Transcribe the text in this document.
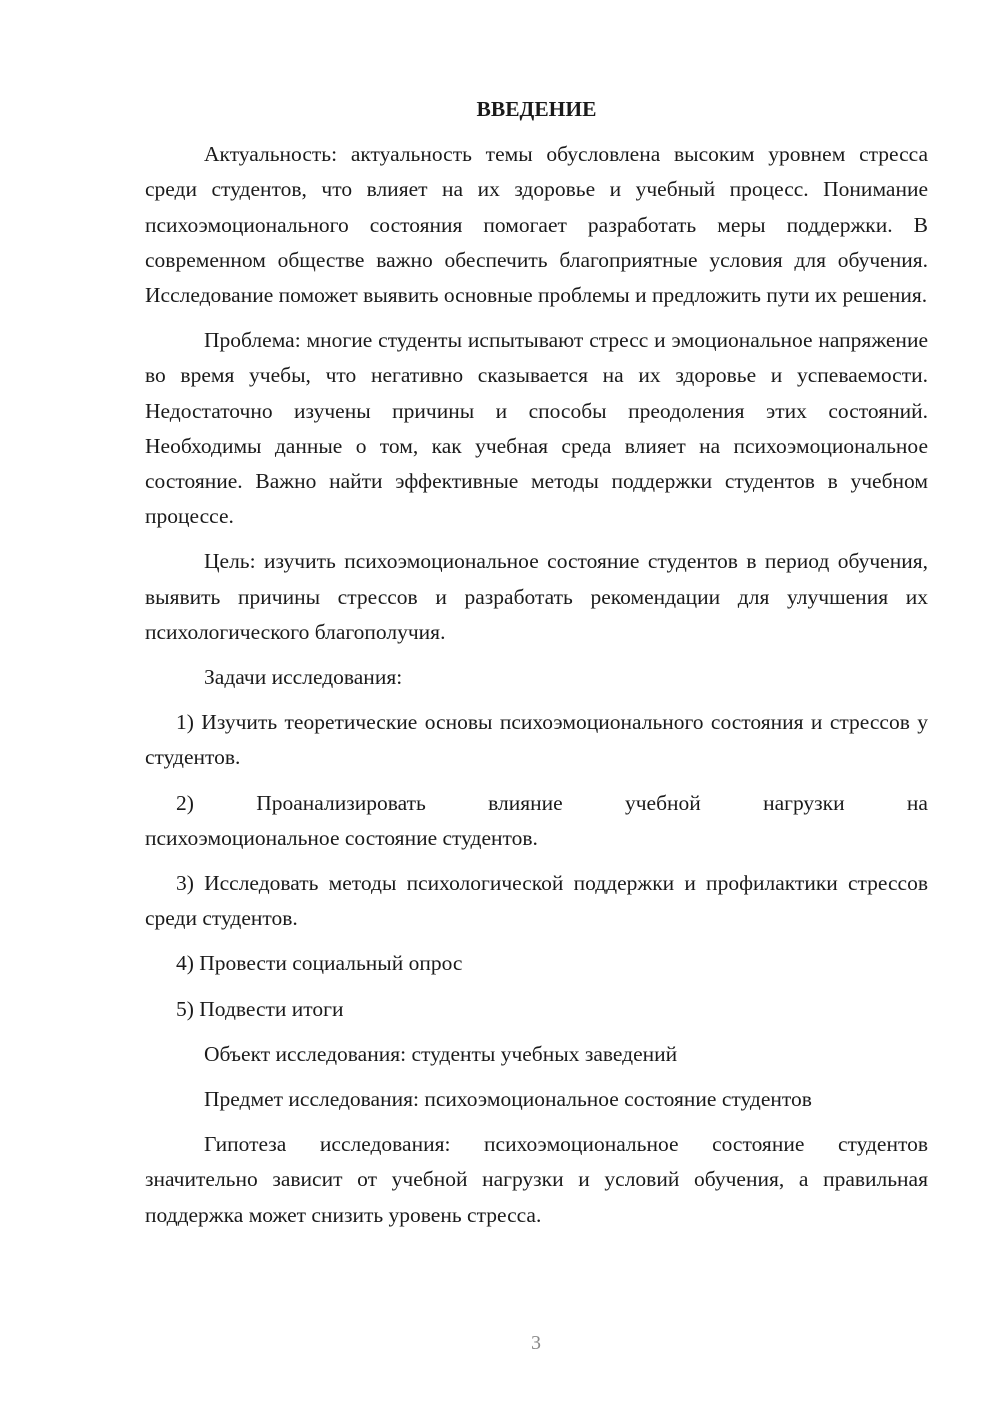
ВВЕДЕНИЕ

Актуальность: актуальность темы обусловлена высоким уровнем стресса среди студентов, что влияет на их здоровье и учебный процесс. Понимание психоэмоционального состояния помогает разработать меры поддержки. В современном обществе важно обеспечить благоприятные условия для обучения. Исследование поможет выявить основные проблемы и предложить пути их решения.

Проблема: многие студенты испытывают стресс и эмоциональное напряжение во время учебы, что негативно сказывается на их здоровье и успеваемости. Недостаточно изучены причины и способы преодоления этих состояний. Необходимы данные о том, как учебная среда влияет на психоэмоциональное состояние. Важно найти эффективные методы поддержки студентов в учебном процессе.

Цель: изучить психоэмоциональное состояние студентов в период обучения, выявить причины стрессов и разработать рекомендации для улучшения их психологического благополучия.

Задачи исследования:

1) Изучить теоретические основы психоэмоционального состояния и стрессов у студентов.

2)	Проанализировать	влияние	учебной	нагрузки	на

психоэмоциональное состояние студентов.

3) Исследовать методы психологической поддержки и профилактики стрессов среди студентов.

4) Провести социальный опрос

5) Подвести итоги

Объект исследования: студенты учебных заведений

Предмет исследования: психоэмоциональное состояние студентов

Гипотеза исследования: психоэмоциональное состояние студентов значительно зависит от учебной нагрузки и условий обучения, а правильная поддержка может снизить уровень стресса.

3
